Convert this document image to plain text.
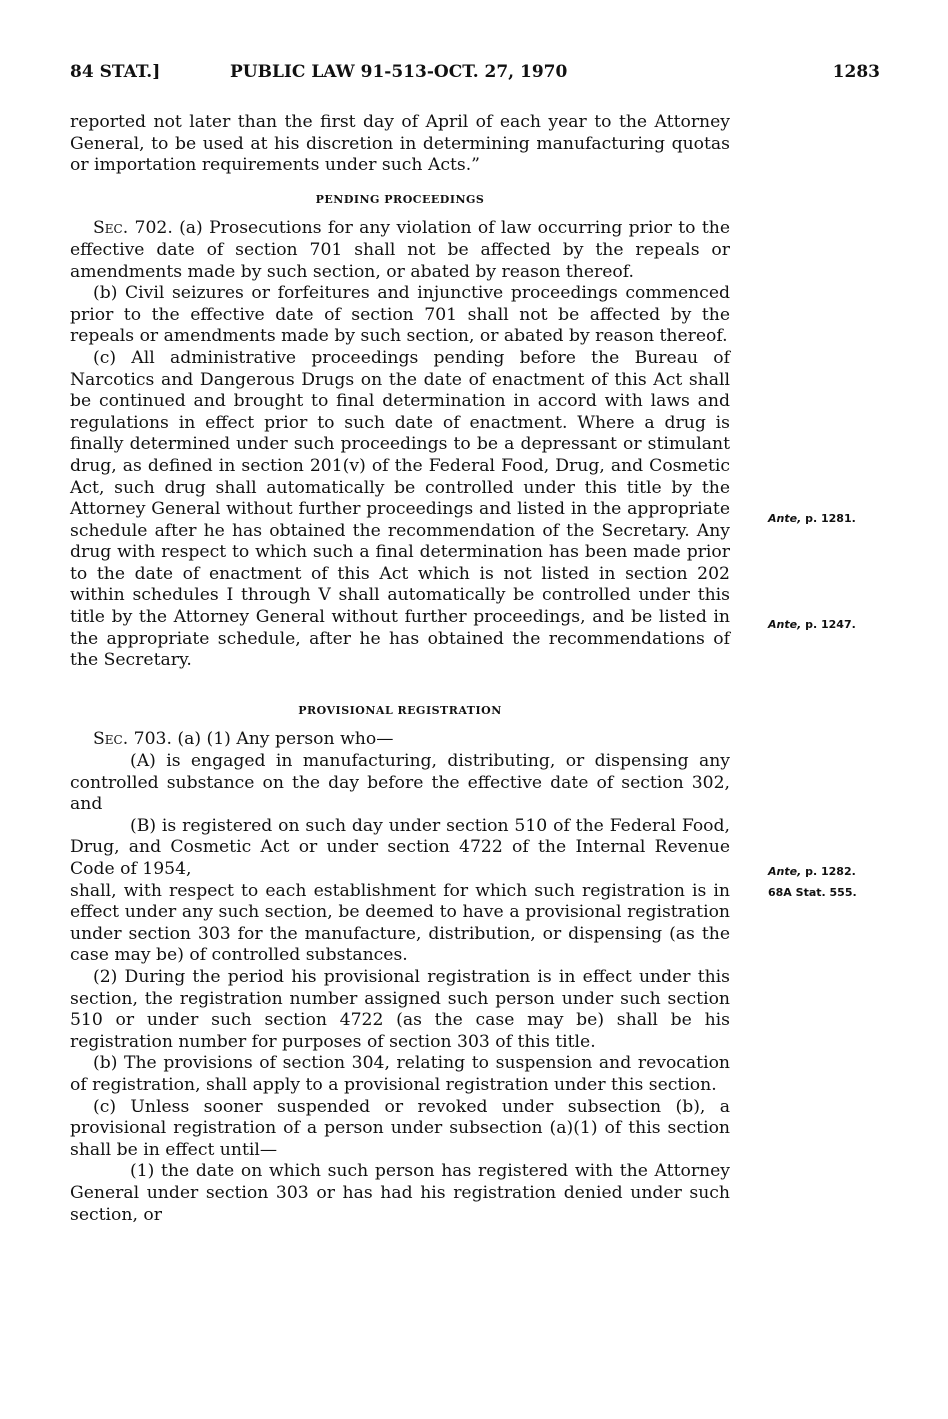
84 STAT.]	PUBLIC LAW 91-513-OCT. 27, 1970	1283

reported not later than the first day of April of each year to the Attorney General, to be used at his discretion in determining manufacturing quotas or importation requirements under such Acts.”

PENDING PROCEEDINGS

Sec. 702. (a) Prosecutions for any violation of law occurring prior to the effective date of section 701 shall not be affected by the repeals or amendments made by such section, or abated by reason thereof.

(b) Civil seizures or forfeitures and injunctive proceedings commenced prior to the effective date of section 701 shall not be affected by the repeals or amendments made by such section, or abated by reason thereof.

(c) All administrative proceedings pending before the Bureau of Narcotics and Dangerous Drugs on the date of enactment of this Act shall be continued and brought to final determination in accord with laws and regulations in effect prior to such date of enactment. Where a drug is finally determined under such proceedings to be a depressant or stimulant drug, as defined in section 201(v) of the Federal Food, Drug, and Cosmetic Act, such drug shall automatically be controlled under this title by the Attorney General without further proceedings and listed in the appropriate schedule after he has obtained the recommendation of the Secretary. Any drug with respect to which such a final determination has been made prior to the date of enactment of this Act which is not listed in section 202 within schedules I through V shall automatically be controlled under this title by the Attorney General without further proceedings, and be listed in the appropriate schedule, after he has obtained the recommendations of the Secretary.

PROVISIONAL REGISTRATION

Sec. 703. (a) (1) Any person who—

(A) is engaged in manufacturing, distributing, or dispensing any controlled substance on the day before the effective date of section 302, and

(B) is registered on such day under section 510 of the Federal Food, Drug, and Cosmetic Act or under section 4722 of the Internal Revenue Code of 1954,

shall, with respect to each establishment for which such registration is in effect under any such section, be deemed to have a provisional registration under section 303 for the manufacture, distribution, or dispensing (as the case may be) of controlled substances.

(2) During the period his provisional registration is in effect under this section, the registration number assigned such person under such section 510 or under such section 4722 (as the case may be) shall be his registration number for purposes of section 303 of this title.

(b) The provisions of section 304, relating to suspension and revocation of registration, shall apply to a provisional registration under this section.

(c) Unless sooner suspended or revoked under subsection (b), a provisional registration of a person under subsection (a)(1) of this section shall be in effect until—

(1) the date on which such person has registered with the Attorney General under section 303 or has had his registration denied under such section, or

Ante, p. 1281.
Ante, p. 1247.
Ante, p. 1282.
68A Stat. 555.
